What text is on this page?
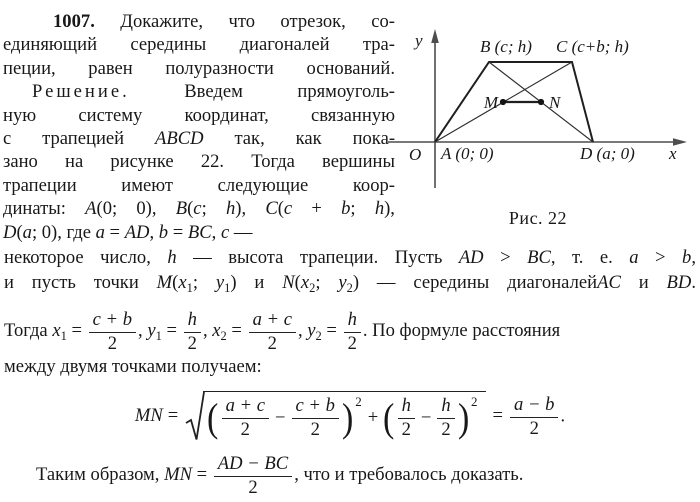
1007. Докажите, что отрезок, со-
единяющий середины диагоналей тра-
пеции, равен полуразности оснований.
Решение. Введем прямоуголь-
ную систему координат, связанную
с трапецией ABCD так, как пока-
зано на рисунке 22. Тогда вершины
трапеции имеют следующие коор-
динаты: A(0; 0), B(c; h), C(c + b; h),
D(a; 0), где a = AD, b = BC, c —
y
x
O A (0; 0)
B (c; h) C (c+b; h)
D (a; 0)
M	N
Рис. 22
некоторое число, h — высота трапеции. Пусть AD > BC, т. е. a > b,
и пусть точки $M(x_1$; $y_1$) и $N(x_2$; $y_2$) — середины диагоналейAC и BD.
Тогда $x_1 = \frac{c + b}{2}$ , $y_1 = \frac{h}{2}$ , $x_2 = \frac{a + c}{2}$ , $y_2 = \frac{h}{2}$ . По формуле расстояния
между двумя точками получаем:
MN = ( $\frac{a + c}{2} - \frac{c + b}{2}$ ) 2
+ ( $\frac{h}{2} - \frac{h}{2}$ ) 2
= $\frac{a - b}{2}$ .
Таким образом, MN = $\frac{AD - BC}{2}$ , что и требовалось доказать.
